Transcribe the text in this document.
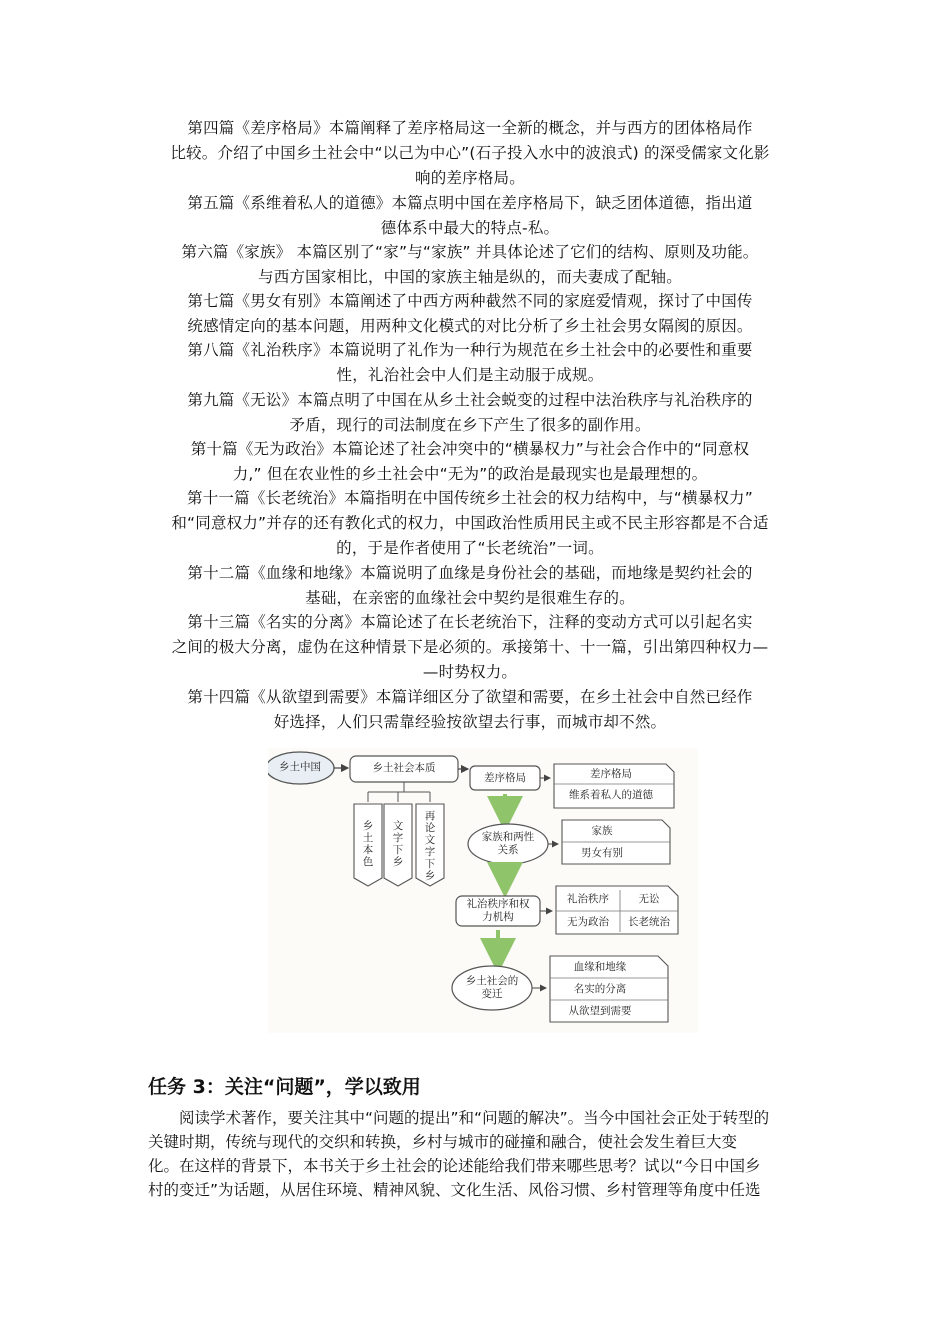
第四篇《差序格局》本篇阐释了差序格局这一全新的概念，并与西方的团体格局作
比较。介绍了中国乡土社会中“以己为中心”(石子投入水中的波浪式) 的深受儒家文化影
响的差序格局。

第五篇《系维着私人的道德》本篇点明中国在差序格局下，缺乏团体道德，指出道
德体系中最大的特点-私。

第六篇《家族》 本篇区别了“家”与“家族” 并具体论述了它们的结构、原则及功能。
与西方国家相比，中国的家族主轴是纵的，而夫妻成了配轴。

第七篇《男女有别》本篇阐述了中西方两种截然不同的家庭爱情观，探讨了中国传
统感情定向的基本问题，用两种文化模式的对比分析了乡土社会男女隔阂的原因。

第八篇《礼治秩序》本篇说明了礼作为一种行为规范在乡土社会中的必要性和重要
性，礼治社会中人们是主动服于成规。

第九篇《无讼》本篇点明了中国在从乡土社会蜕变的过程中法治秩序与礼治秩序的
矛盾，现行的司法制度在乡下产生了很多的副作用。

第十篇《无为政治》本篇论述了社会冲突中的“横暴权力”与社会合作中的“同意权
力,” 但在农业性的乡土社会中“无为”的政治是最现实也是最理想的。

第十一篇《长老统治》本篇指明在中国传统乡土社会的权力结构中，与“横暴权力”
和“同意权力”并存的还有教化式的权力，中国政治性质用民主或不民主形容都是不合适
的，于是作者使用了“长老统治”一词。

第十二篇《血缘和地缘》本篇说明了血缘是身份社会的基础，而地缘是契约社会的
基础，在亲密的血缘社会中契约是很难生存的。

第十三篇《名实的分离》本篇论述了在长老统治下，注释的变动方式可以引起名实
之间的极大分离，虚伪在这种情景下是必须的。承接第十、十一篇，引出第四种权力—
—时势权力。

第十四篇《从欲望到需要》本篇详细区分了欲望和需要，在乡土社会中自然已经作
好选择，人们只需靠经验按欲望去行事，而城市却不然。

乡土中国	乡土社会本质
乡土本色
文字下乡
再论文字下乡
差序格局	差序格局
维系着私人的道德
家族和两性关系
家族
男女有别
礼治秩序和权力机构
礼治秩序	无讼
无为政治	长老统治
乡土社会的变迁
血缘和地缘
名实的分离
从欲望到需要
任务 3：关注“问题”，学以致用

阅读学术著作，要关注其中“问题的提出”和“问题的解决”。当今中国社会正处于转型的
关键时期，传统与现代的交织和转换，乡村与城市的碰撞和融合，使社会发生着巨大变
化。在这样的背景下，本书关于乡土社会的论述能给我们带来哪些思考？试以“今日中国乡
村的变迁”为话题，从居住环境、精神风貌、文化生活、风俗习惯、乡村管理等角度中任选
